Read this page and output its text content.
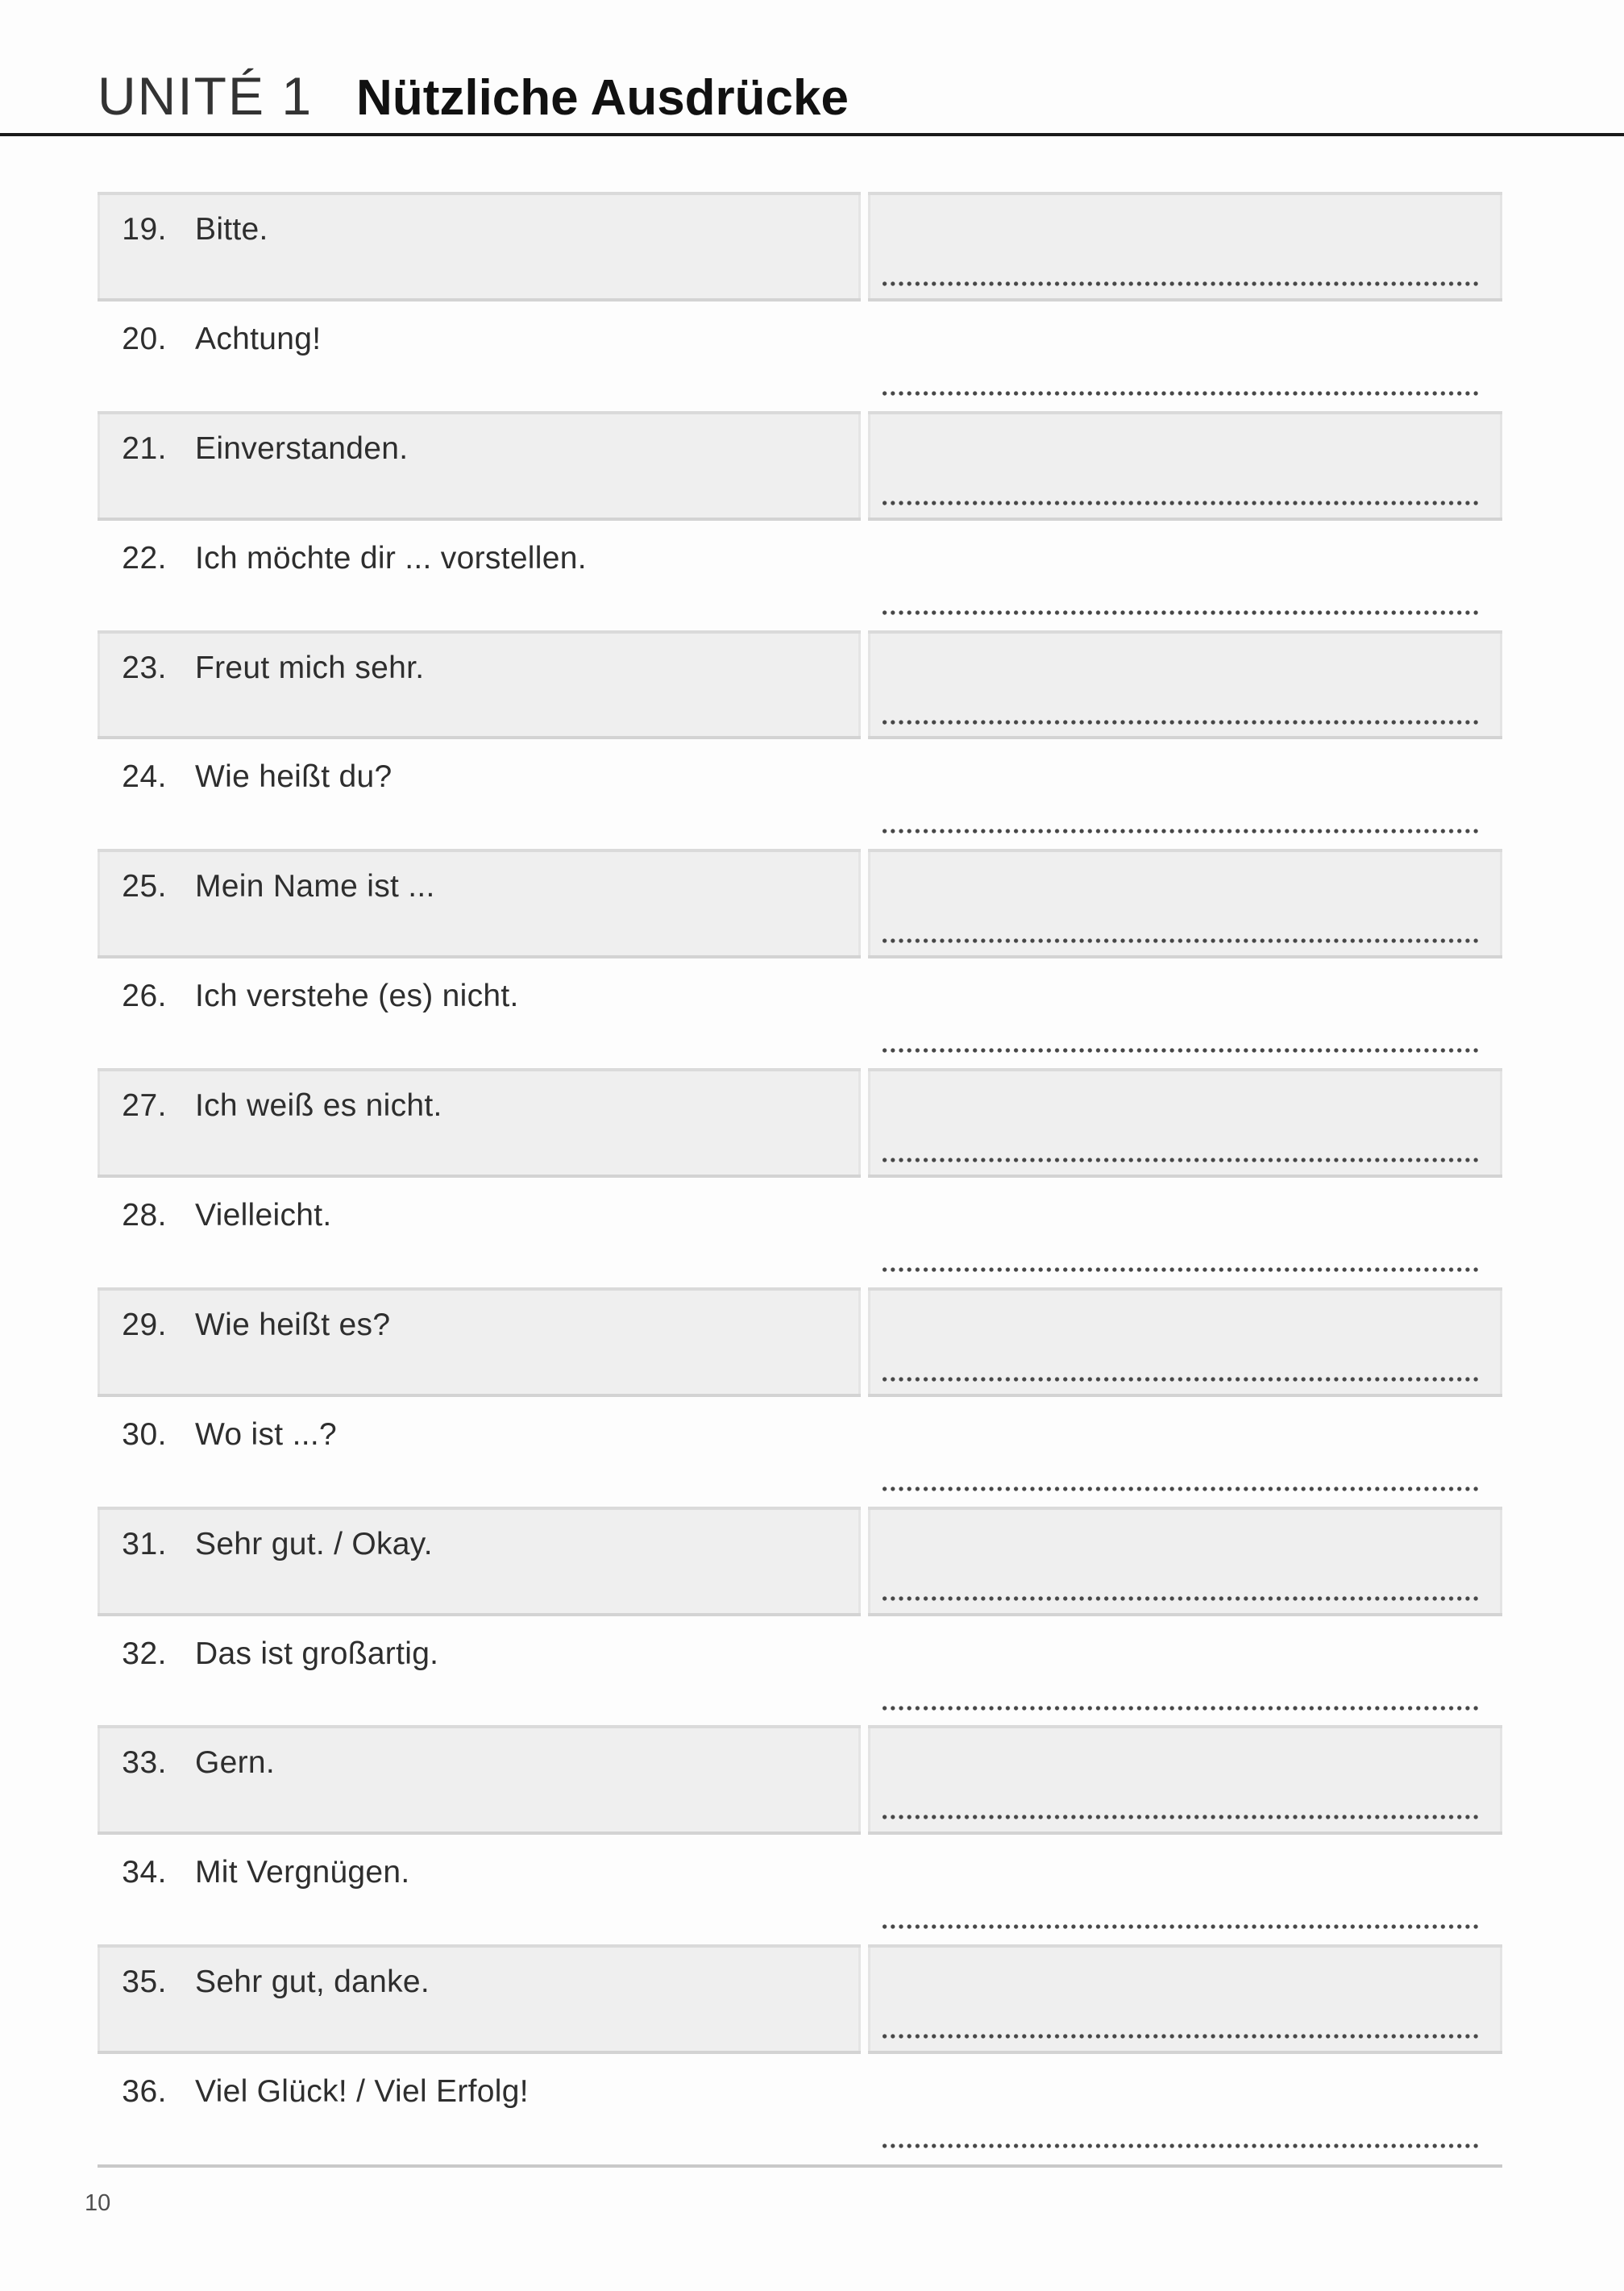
UNITÉ 1 Nützliche Ausdrücke
19. Bitte.
20. Achtung!
21. Einverstanden.
22. Ich möchte dir ... vorstellen.
23. Freut mich sehr.
24. Wie heißt du?
25. Mein Name ist ...
26. Ich verstehe (es) nicht.
27. Ich weiß es nicht.
28. Vielleicht.
29. Wie heißt es?
30. Wo ist ...?
31. Sehr gut. / Okay.
32. Das ist großartig.
33. Gern.
34. Mit Vergnügen.
35. Sehr gut, danke.
36. Viel Glück! / Viel Erfolg!
10
